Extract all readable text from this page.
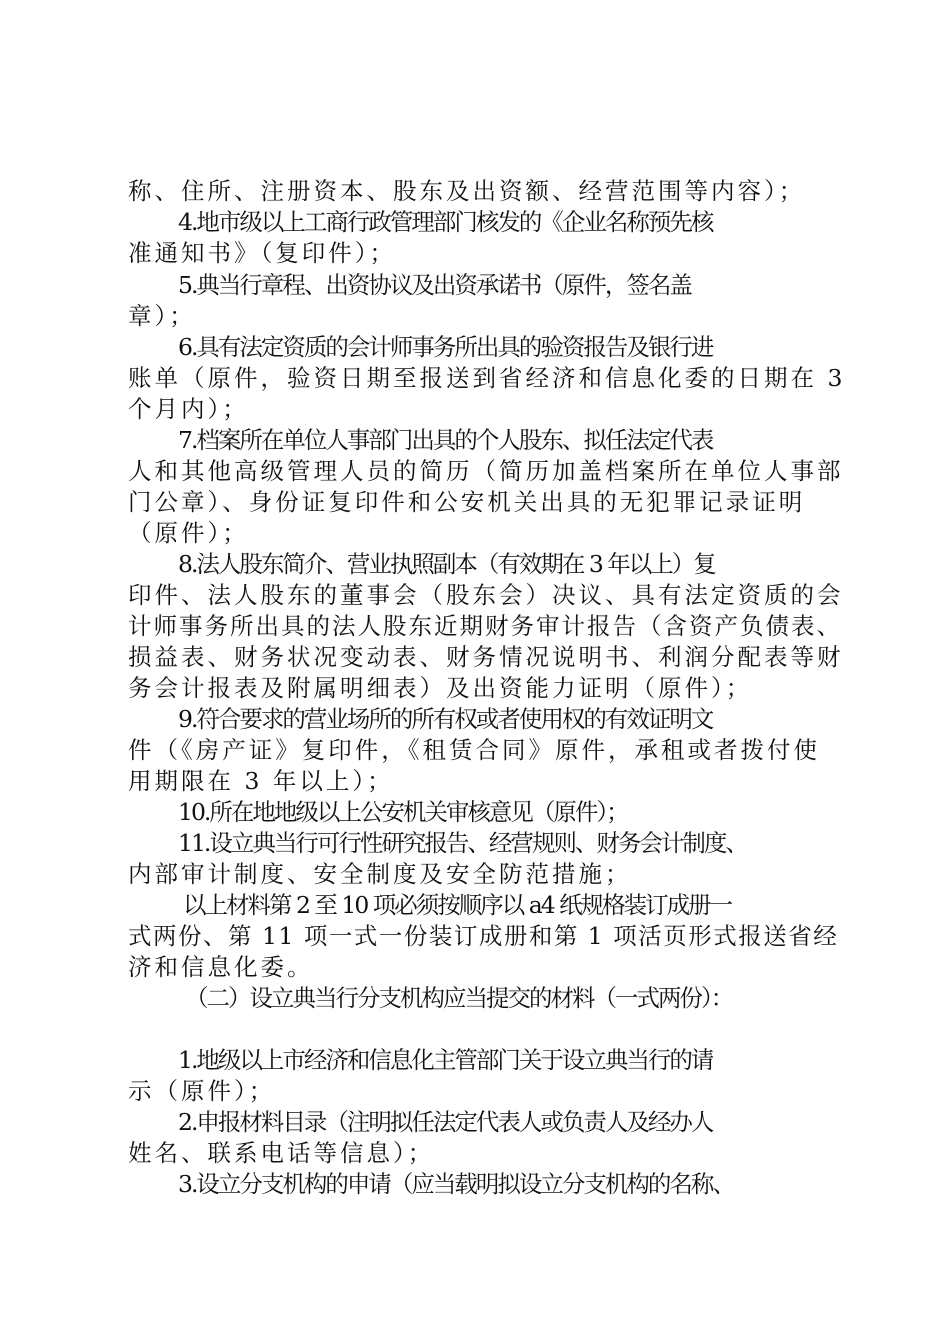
称、住所、注册资本、股东及出资额、经营范围等内容）；
4.地市级以上工商行政管理部门核发的《企业名称预先核
准通知书》（复印件）；
5.典当行章程、出资协议及出资承诺书（原件，签名盖
章）；
6.具有法定资质的会计师事务所出具的验资报告及银行进
账单（原件，验资日期至报送到省经济和信息化委的日期在 3
个月内）；
7.档案所在单位人事部门出具的个人股东、拟任法定代表
人和其他高级管理人员的简历（简历加盖档案所在单位人事部
门公章）、身份证复印件和公安机关出具的无犯罪记录证明
（原件）；
8.法人股东简介、营业执照副本（有效期在 3 年以上）复
印件、法人股东的董事会（股东会）决议、具有法定资质的会
计师事务所出具的法人股东近期财务审计报告（含资产负债表、
损益表、财务状况变动表、财务情况说明书、利润分配表等财
务会计报表及附属明细表）及出资能力证明（原件）；
9.符合要求的营业场所的所有权或者使用权的有效证明文
件（《房产证》复印件，《租赁合同》原件，承租或者拨付使
用期限在 3 年以上）；
10.所在地地级以上公安机关审核意见（原件）；
11.设立典当行可行性研究报告、经营规则、财务会计制度、
内部审计制度、安全制度及安全防范措施；
以上材料第 2 至 10 项必须按顺序以 a4 纸规格装订成册一
式两份、第 11 项一式一份装订成册和第 1 项活页形式报送省经
济和信息化委。
（二）设立典当行分支机构应当提交的材料（一式两份）：
1.地级以上市经济和信息化主管部门关于设立典当行的请
示（原件）；
2.申报材料目录（注明拟任法定代表人或负责人及经办人
姓名、联系电话等信息）；
3.设立分支机构的申请（应当载明拟设立分支机构的名称、
